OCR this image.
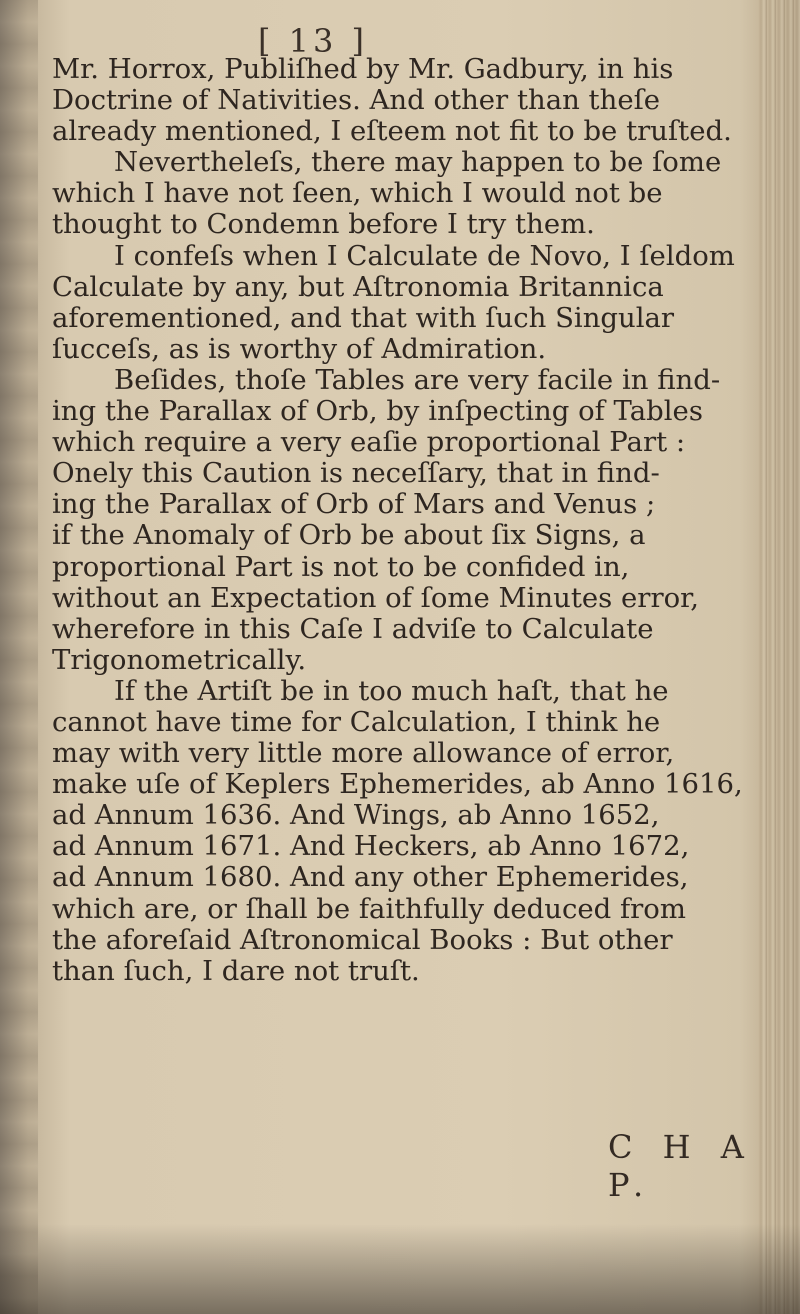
[ 13 ]
Mr. Horrox, Publiſhed by Mr. Gadbury, in his
Doctrine of Nativities. And other than theſe
already mentioned, I eſteem not fit to be truſted.
Nevertheleſs, there may happen to be ſome
which I have not ſeen, which I would not be
thought to Condemn before I try them.
I confeſs when I Calculate de Novo, I ſeldom
Calculate by any, but Aſtronomia Britannica
aforementioned, and that with ſuch Singular
ſucceſs, as is worthy of Admiration.
Beſides, thoſe Tables are very facile in find-
ing the Parallax of Orb, by inſpecting of Tables
which require a very eaſie proportional Part :
Onely this Caution is neceſſary, that in find-
ing the Parallax of Orb of Mars and Venus ;
if the Anomaly of Orb be about ſix Signs, a
proportional Part is not to be confided in,
without an Expectation of ſome Minutes error,
wherefore in this Caſe I adviſe to Calculate
Trigonometrically.
If the Artiſt be in too much haſt, that he
cannot have time for Calculation, I think he
may with very little more allowance of error,
make uſe of Keplers Ephemerides, ab Anno 1616,
ad Annum 1636. And Wings, ab Anno 1652,
ad Annum 1671. And Heckers, ab Anno 1672,
ad Annum 1680. And any other Ephemerides,
which are, or ſhall be faithfully deduced from
the aforeſaid Aſtronomical Books : But other
than ſuch, I dare not truſt.
C H A P.
